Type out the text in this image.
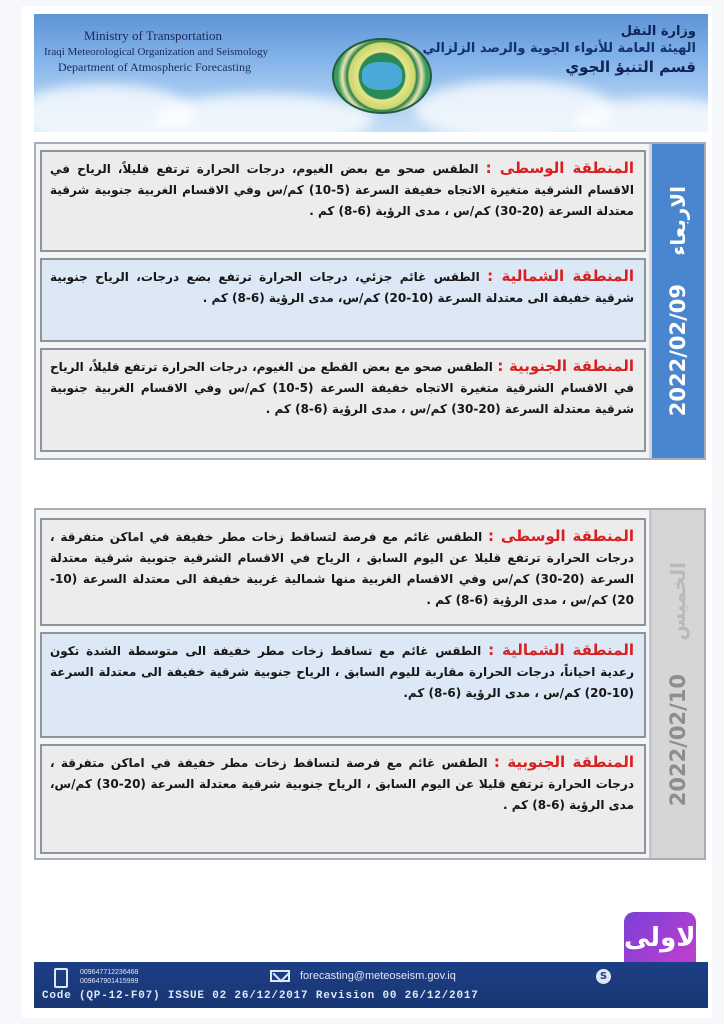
Ministry of Transportation
Iraqi Meteorological Organization and Seismology
Department of Atmospheric Forecasting
وزارة النقل
الهيئة العامة للأنواء الجوية والرصد الزلزالي
قسم التنبؤ الجوي
الاربعاء
2022/02/09
المنطقة الوسطى : الطقس صحو مع بعض الغيوم، درجات الحرارة ترتفع قليلاً، الرياح في الاقسام الشرقية متغيرة الاتجاه خفيفة السرعة (5-10) كم/س وفي الاقسام الغربية جنوبية شرقية معتدلة السرعة (20-30) كم/س ، مدى الرؤية (6-8) كم .
المنطقة الشمالية : الطقس غائم جزئي، درجات الحرارة ترتفع بضع درجات، الرياح جنوبية شرقية خفيفة الى معتدلة السرعة (10-20) كم/س، مدى الرؤية (6-8) كم .
المنطقة الجنوبية : الطقس صحو مع بعض القطع من الغيوم، درجات الحرارة ترتفع قليلاً، الرياح في الاقسام الشرقية متغيرة الاتجاه خفيفة السرعة (5-10) كم/س وفي الاقسام الغربية جنوبية شرقية معتدلة السرعة (20-30) كم/س ، مدى الرؤية (6-8) كم .
الخميس
2022/02/10
المنطقة الوسطى : الطقس غائم مع فرصة لتساقط زخات مطر خفيفة في اماكن متفرقة ، درجات الحرارة ترتفع قليلا عن اليوم السابق ، الرياح في الاقسام الشرقية جنوبية شرقية معتدلة السرعة (20-30) كم/س وفي الاقسام الغربية منها شمالية غربية خفيفة الى معتدلة السرعة (10-20) كم/س ، مدى الرؤية (6-8) كم .
المنطقة الشمالية : الطقس غائم مع تساقط زخات مطر خفيفة الى متوسطة الشدة تكون رعدية احياناً، درجات الحرارة مقاربة لليوم السابق ، الرياح جنوبية شرقية خفيفة الى معتدلة السرعة (10-20) كم/س ، مدى الرؤية (6-8) كم.
المنطقة الجنوبية : الطقس غائم مع فرصة لتساقط زخات مطر خفيفة في اماكن متفرقة ، درجات الحرارة ترتفع قليلا عن اليوم السابق ، الرياح جنوبية شرقية معتدلة السرعة (20-30) كم/س، مدى الرؤية (6-8) كم .
الاولى
009647712236468
009647901415999	forecasting@meteoseism.gov.iq	S
Code (QP-12-F07) ISSUE 02 26/12/2017 Revision 00 26/12/2017
